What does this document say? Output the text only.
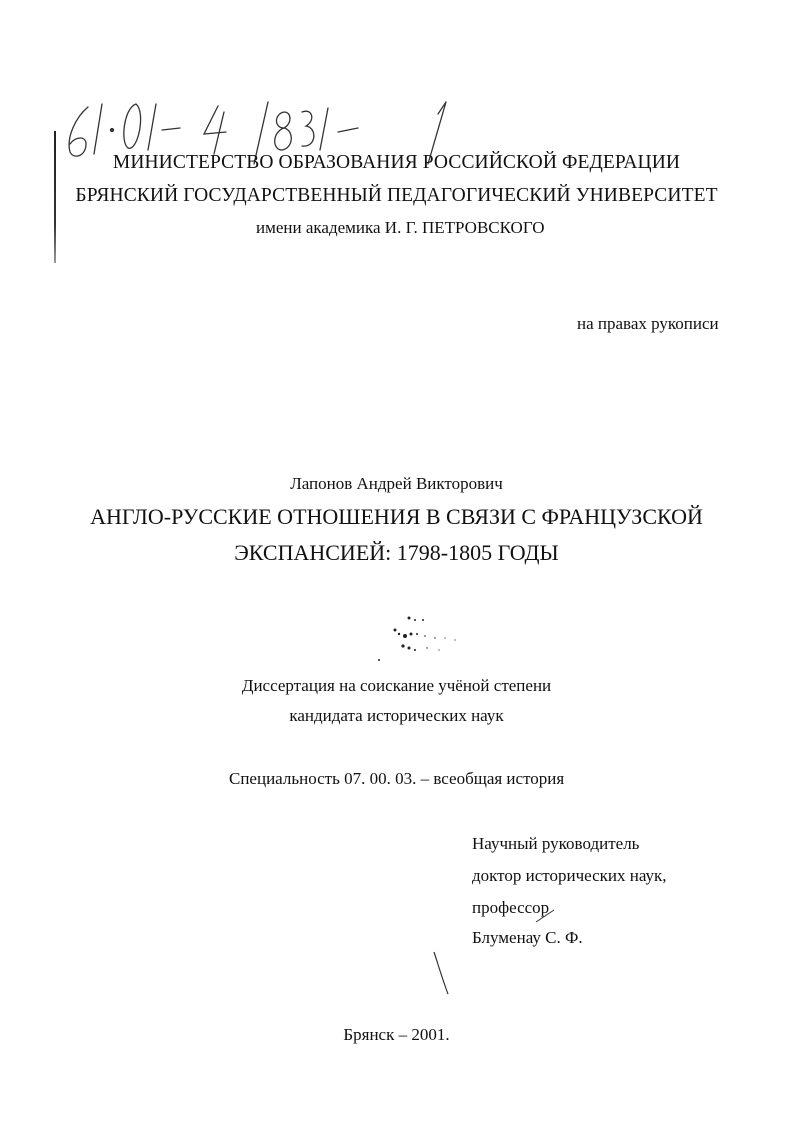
МИНИСТЕРСТВО ОБРАЗОВАНИЯ РОССИЙСКОЙ ФЕДЕРАЦИИ
БРЯНСКИЙ ГОСУДАРСТВЕННЫЙ ПЕДАГОГИЧЕСКИЙ УНИВЕРСИТЕТ
имени академика И. Г. ПЕТРОВСКОГО
на правах рукописи
Лапонов Андрей Викторович
АНГЛО-РУССКИЕ ОТНОШЕНИЯ В СВЯЗИ С ФРАНЦУЗСКОЙ
ЭКСПАНСИЕЙ: 1798-1805 ГОДЫ
Диссертация на соискание учёной степени
кандидата исторических наук
Специальность 07. 00. 03. – всеобщая история
Научный руководитель
доктор исторических наук,
профессор
Блуменау С. Ф.
Брянск – 2001.
